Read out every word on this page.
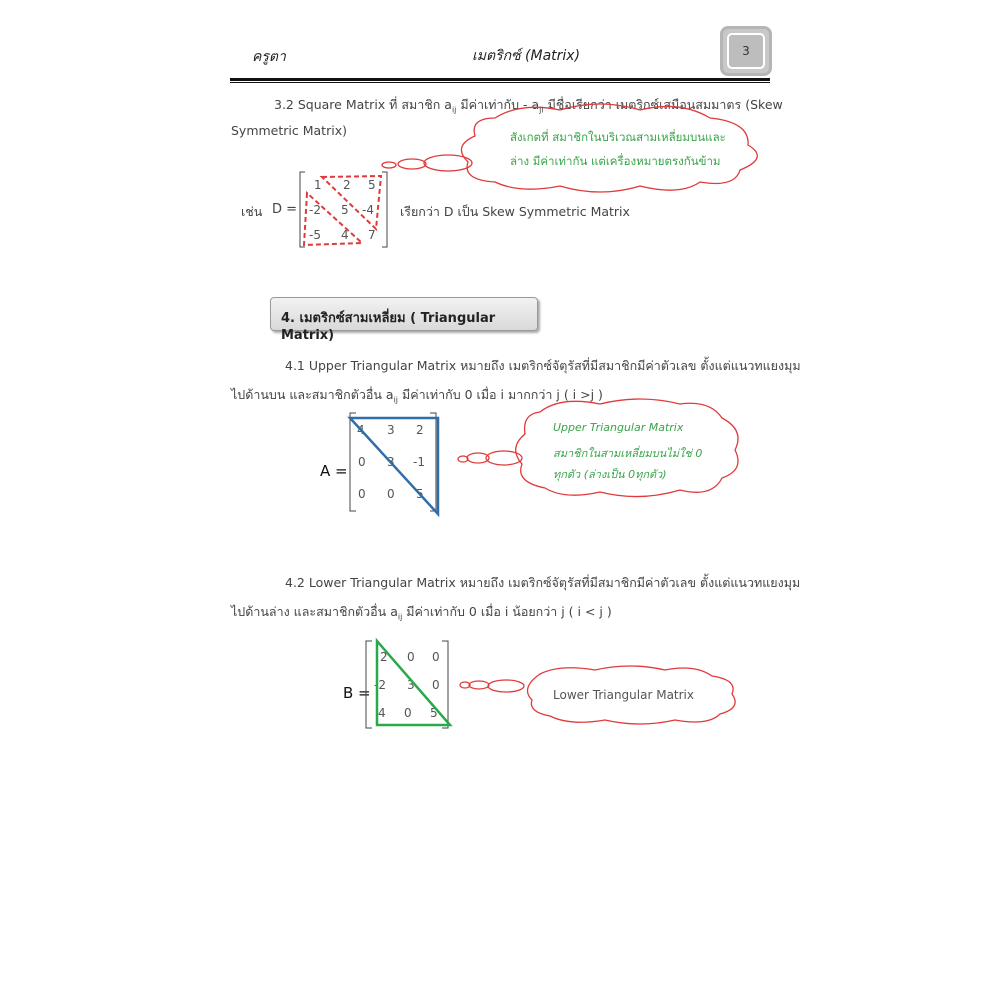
ครูตา	เมตริกซ์ (Matrix)	3
3.2 Square Matrix ที่ สมาชิก $a_{ij}$ มีค่าเท่ากับ - $a_{ji}$ มีชื่อเรียกว่า เมตริกซ์เสมือนสมมาตร (Skew
Symmetric Matrix)
เช่น D =
1 2 5
-2 5 -4
-5 4 7
เรียกว่า D เป็น Skew Symmetric Matrix
สังเกตที่ สมาชิกในบริเวณสามเหลี่ยมบนและ
ล่าง มีค่าเท่ากัน แต่เครื่องหมายตรงกันข้าม
4. เมตริกซ์สามเหลี่ยม ( Triangular Matrix)
4.1 Upper Triangular Matrix หมายถึง เมตริกซ์จัตุรัสที่มีสมาชิกมีค่าตัวเลข ตั้งแต่แนวทแยงมุม
ไปด้านบน และสมาชิกตัวอื่น $a_{ij}$ มีค่าเท่ากับ 0 เมื่อ i มากกว่า j ( i >j )
A =
4 3 2
0 3 -1
0 0 5
Upper Triangular Matrix
สมาชิกในสามเหลี่ยมบนไม่ใช่ 0
ทุกตัว (ล่างเป็น 0ทุกตัว)
4.2 Lower Triangular Matrix หมายถึง เมตริกซ์จัตุรัสที่มีสมาชิกมีค่าตัวเลข ตั้งแต่แนวทแยงมุม
ไปด้านล่าง และสมาชิกตัวอื่น $a_{ij}$ มีค่าเท่ากับ 0 เมื่อ i น้อยกว่า j ( i < j )
B =
2 0 0
-2 3 0
4 0 5
Lower Triangular Matrix
